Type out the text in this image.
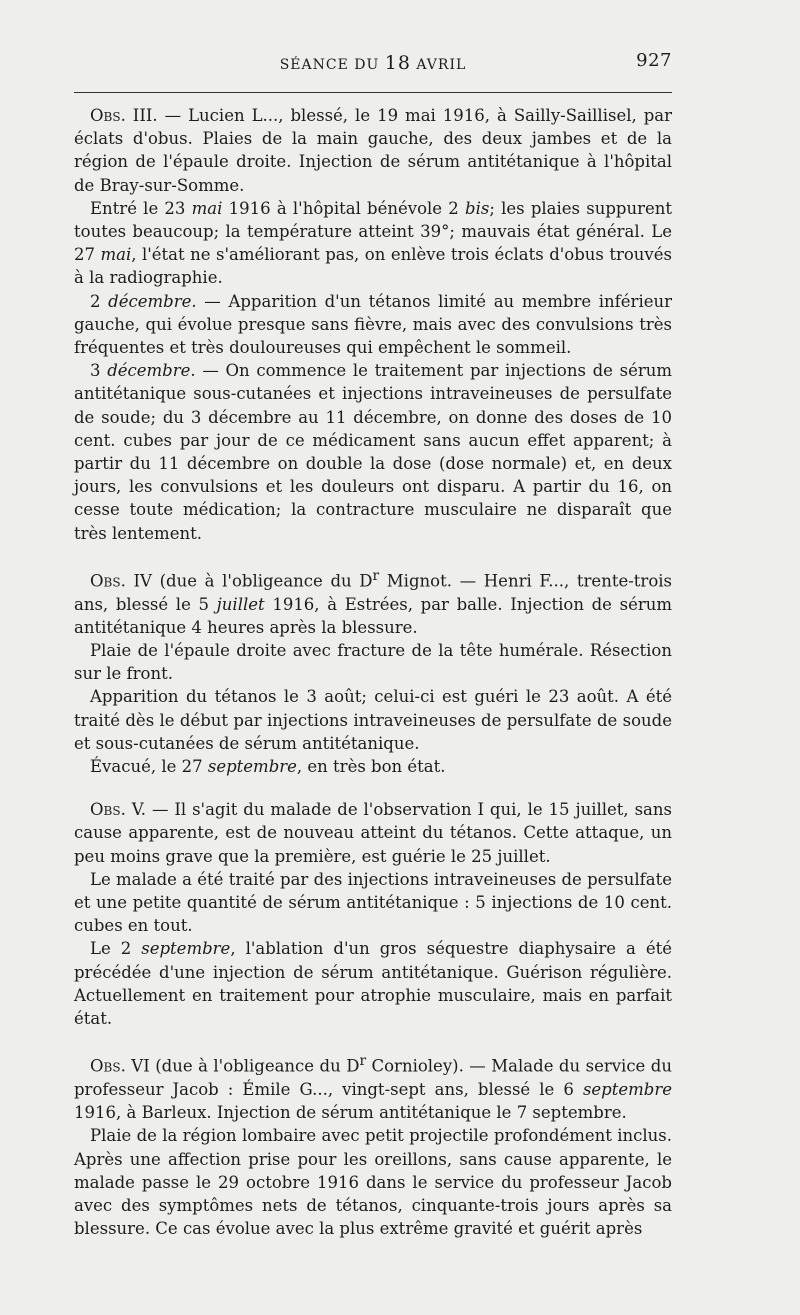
SÉANCE DU 18 AVRIL	927

Obs. III. — Lucien L..., blessé, le 19 mai 1916, à Sailly-Saillisel, par éclats d'obus. Plaies de la main gauche, des deux jambes et de la région de l'épaule droite. Injection de sérum antitétanique à l'hôpital de Bray-sur-Somme.

Entré le 23 mai 1916 à l'hôpital bénévole 2 bis; les plaies suppurent toutes beaucoup; la température atteint 39°; mauvais état général. Le 27 mai, l'état ne s'améliorant pas, on enlève trois éclats d'obus trouvés à la radiographie.

2 décembre. — Apparition d'un tétanos limité au membre inférieur gauche, qui évolue presque sans fièvre, mais avec des convulsions très fréquentes et très douloureuses qui empêchent le sommeil.

3 décembre. — On commence le traitement par injections de sérum antitétanique sous-cutanées et injections intraveineuses de persulfate de soude; du 3 décembre au 11 décembre, on donne des doses de 10 cent. cubes par jour de ce médicament sans aucun effet apparent; à partir du 11 décembre on double la dose (dose normale) et, en deux jours, les convulsions et les douleurs ont disparu. A partir du 16, on cesse toute médication; la contracture musculaire ne disparaît que très lentement.

Obs. IV (due à l'obligeance du $D^r$ Mignot. — Henri F..., trente-trois ans, blessé le 5 juillet 1916, à Estrées, par balle. Injection de sérum antitétanique 4 heures après la blessure.

Plaie de l'épaule droite avec fracture de la tête humérale. Résection sur le front.

Apparition du tétanos le 3 août; celui-ci est guéri le 23 août. A été traité dès le début par injections intraveineuses de persulfate de soude et sous-cutanées de sérum antitétanique.

Évacué, le 27 septembre, en très bon état.

Obs. V. — Il s'agit du malade de l'observation I qui, le 15 juillet, sans cause apparente, est de nouveau atteint du tétanos. Cette attaque, un peu moins grave que la première, est guérie le 25 juillet.

Le malade a été traité par des injections intraveineuses de persulfate et une petite quantité de sérum antitétanique : 5 injections de 10 cent. cubes en tout.

Le 2 septembre, l'ablation d'un gros séquestre diaphysaire a été précédée d'une injection de sérum antitétanique. Guérison régulière. Actuellement en traitement pour atrophie musculaire, mais en parfait état.

Obs. VI (due à l'obligeance du $D^r$ Cornioley). — Malade du service du professeur Jacob : Émile G..., vingt-sept ans, blessé le 6 septembre 1916, à Barleux. Injection de sérum antitétanique le 7 septembre.

Plaie de la région lombaire avec petit projectile profondément inclus. Après une affection prise pour les oreillons, sans cause apparente, le malade passe le 29 octobre 1916 dans le service du professeur Jacob avec des symptômes nets de tétanos, cinquante-trois jours après sa blessure. Ce cas évolue avec la plus extrême gravité et guérit après
